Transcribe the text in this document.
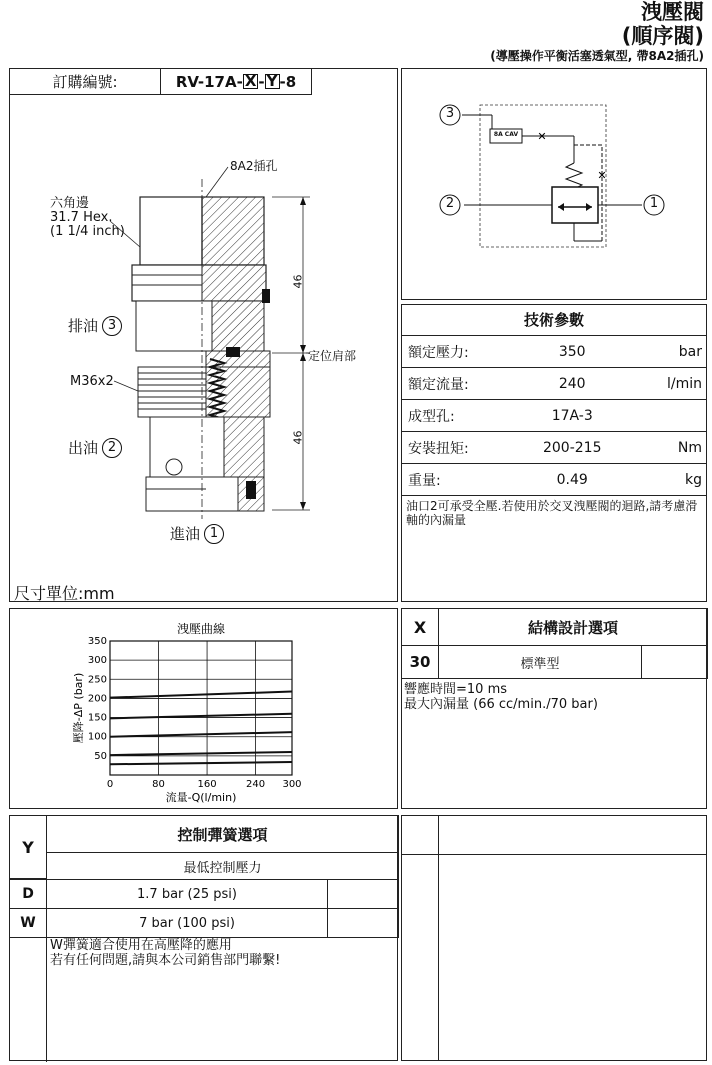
洩壓閥
(順序閥)
(導壓操作平衡活塞透氣型, 帶8A2插孔)
訂購編號:	RV-17A- X - Y -8
8A2插孔
六角邊
31.7 Hex.
(1 1/4 inch)
定位肩部
46
46
排油 3
M36x2
出油 2
進油 1
尺寸單位:mm
✕
✕
3
2	1
8A CAV
技術參數
額定壓力:	350	bar
額定流量:	240	l/min
成型孔:	17A-3	
安裝扭矩:	200-215	Nm
重量:	0.49	kg
油口2可承受全壓.若使用於交叉洩壓閥的迴路,請考慮滑軸的內漏量
0	80	160	240 300
50
100
150
200
250
300
350
洩壓曲線
流量-Q(l/min)
壓降-ΔP (bar)
X	結構設計選項
30	標準型
響應時間=10 ms
最大內漏量 (66 cc/min./70 bar)
Y
控制彈簧選項
最低控制壓力
D	1.7 bar (25 psi)
W	7 bar (100 psi)
W彈簧適合使用在高壓降的應用
若有任何問題,請與本公司銷售部門聯繫!
